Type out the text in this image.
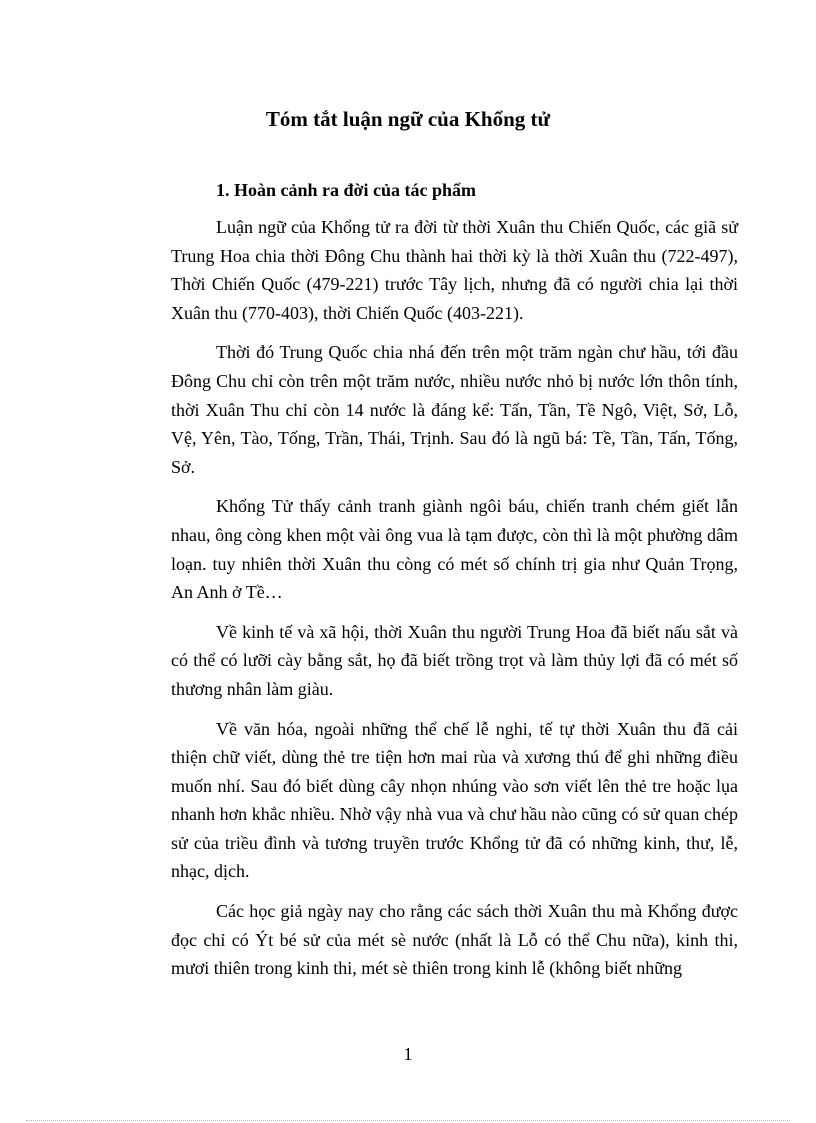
Tóm tắt luận ngữ của Khổng tử
1. Hoàn cảnh ra đời của tác phẩm

Luận ngữ của Khổng tử ra đời từ thời Xuân thu Chiến Quốc, các giã sử Trung Hoa chia thời Đông Chu thành hai thời kỳ là thời Xuân thu (722-497), Thời Chiến Quốc (479-221) trước Tây lịch, nhưng đã có người chia lại thời Xuân thu (770-403), thời Chiến Quốc (403-221).

Thời đó Trung Quốc chia nhá đến trên một trăm ngàn chư hầu, tới đầu Đông Chu chỉ còn trên một trăm nước, nhiều nước nhỏ bị nước lớn thôn tính, thời Xuân Thu chỉ còn 14 nước là đáng kể: Tấn, Tần, Tề Ngô, Việt, Sở, Lỗ, Vệ, Yên, Tào, Tống, Trần, Thái, Trịnh. Sau đó là ngũ bá: Tề, Tần, Tấn, Tống, Sở.

Khổng Tử thấy cảnh tranh giành ngôi báu, chiến tranh chém giết lẫn nhau, ông còng khen một vài ông vua là tạm được, còn thì là một phường dâm loạn. tuy nhiên thời Xuân thu còng có mét số chính trị gia như Quản Trọng, An Anh ở Tề…

Về kinh tế và xã hội, thời Xuân thu người Trung Hoa đã biết nấu sắt và có thể có lưỡi cày bằng sắt, họ đã biết trồng trọt và làm thủy lợi đã có mét số thương nhân làm giàu.

Về văn hóa, ngoài những thể chế lễ nghi, tế tự thời Xuân thu đã cải thiện chữ viết, dùng thẻ tre tiện hơn mai rùa và xương thú để ghi những điều muốn nhí. Sau đó biết dùng cây nhọn nhúng vào sơn viết lên thẻ tre hoặc lụa nhanh hơn khắc nhiều. Nhờ vậy nhà vua và chư hầu nào cũng có sử quan chép sử của triều đình và tương truyền trước Khổng tử đã có những kinh, thư, lễ, nhạc, dịch.

Các học giả ngày nay cho rằng các sách thời Xuân thu mà Khổng được đọc chỉ có Ýt bé sử của mét sè nước (nhất là Lỗ có thể Chu nữa), kinh thi, mươi thiên trong kinh thi, mét sè thiên trong kinh lễ (không biết những

1
